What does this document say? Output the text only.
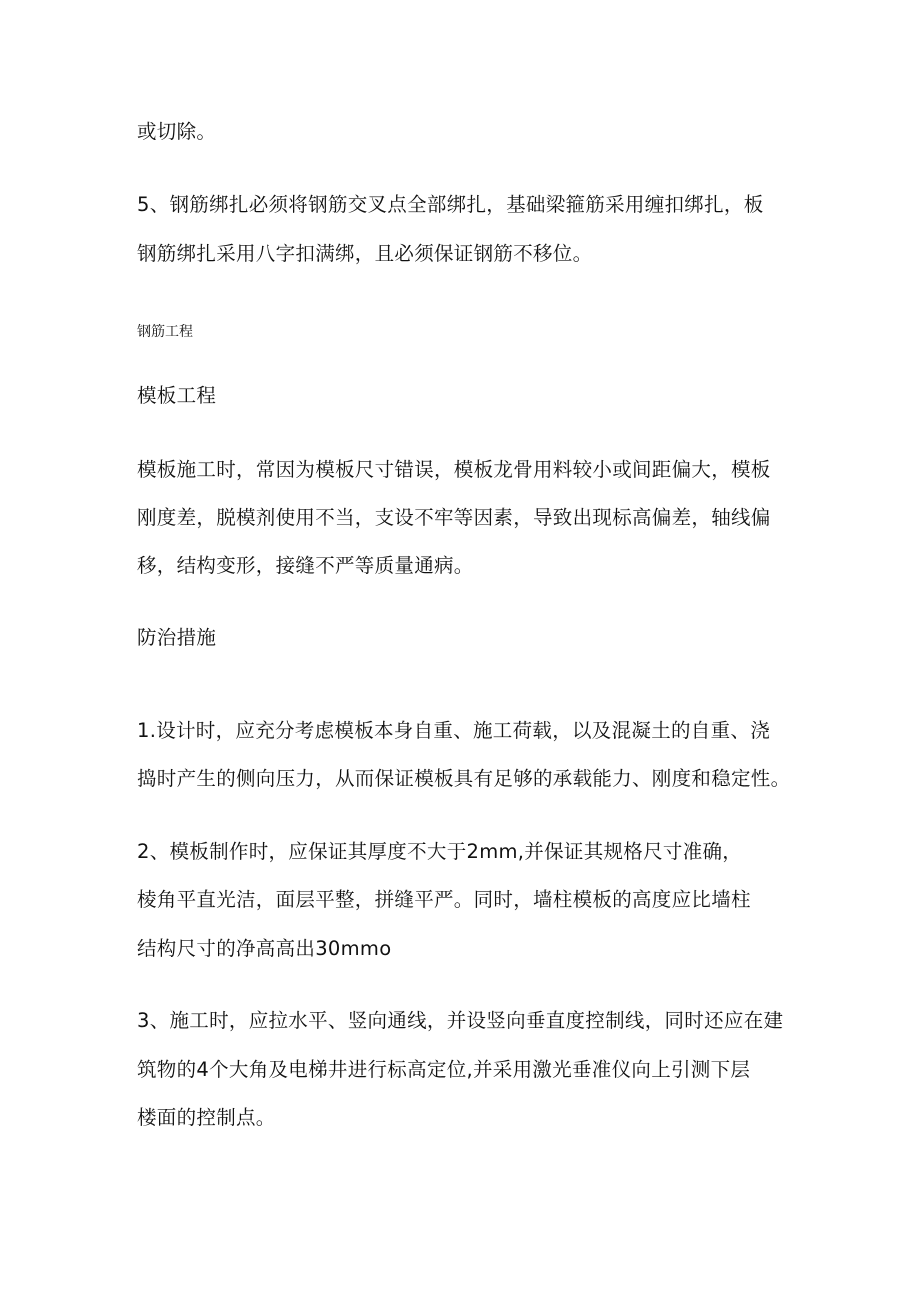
或切除。
5、钢筋绑扎必须将钢筋交叉点全部绑扎，基础梁箍筋采用缠扣绑扎，板
钢筋绑扎采用八字扣满绑，且必须保证钢筋不移位。
钢筋工程
模板工程
模板施工时，常因为模板尺寸错误，模板龙骨用料较小或间距偏大，模板
刚度差，脱模剂使用不当，支设不牢等因素，导致出现标高偏差，轴线偏
移，结构变形，接缝不严等质量通病。
防治措施
1.设计时，应充分考虑模板本身自重、施工荷载，以及混凝土的自重、浇
捣时产生的侧向压力，从而保证模板具有足够的承载能力、刚度和稳定性。
2、模板制作时，应保证其厚度不大于2mm,并保证其规格尺寸准确，
棱角平直光洁，面层平整，拼缝平严。同时，墙柱模板的高度应比墙柱
结构尺寸的净高高出30mmo
3、施工时，应拉水平、竖向通线，并设竖向垂直度控制线，同时还应在建
筑物的4个大角及电梯井进行标高定位,并采用激光垂准仪向上引测下层
楼面的控制点。
